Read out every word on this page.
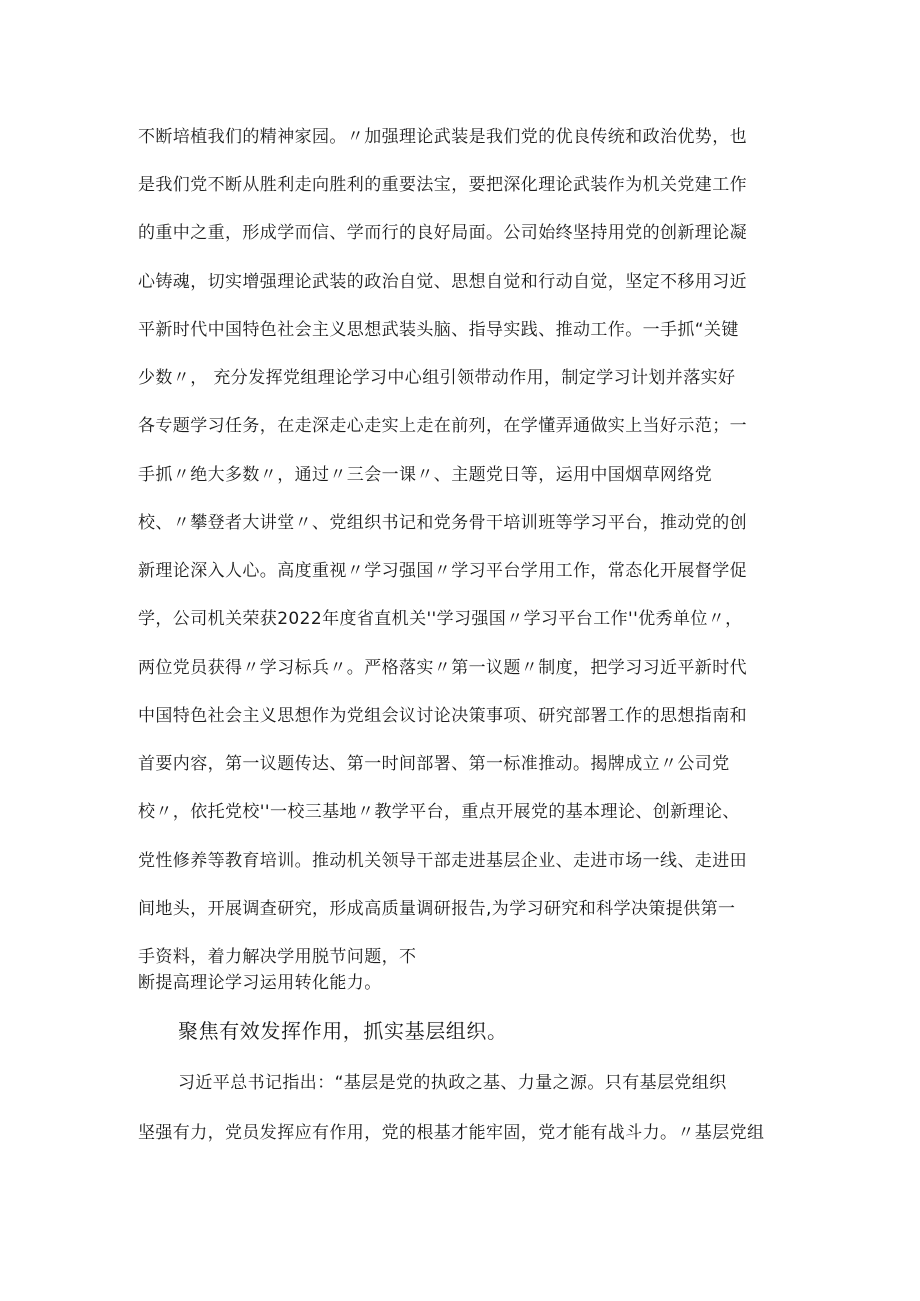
不断培植我们的精神家园。〃加强理论武装是我们党的优良传统和政治优势，也
是我们党不断从胜利走向胜利的重要法宝，要把深化理论武装作为机关党建工作
的重中之重，形成学而信、学而行的良好局面。公司始终坚持用党的创新理论凝
心铸魂，切实增强理论武装的政治自觉、思想自觉和行动自觉，坚定不移用习近
平新时代中国特色社会主义思想武装头脑、指导实践、推动工作。一手抓“关键
少数〃， 充分发挥党组理论学习中心组引领带动作用，制定学习计划并落实好
各专题学习任务，在走深走心走实上走在前列，在学懂弄通做实上当好示范；一
手抓〃绝大多数〃，通过〃三会一课〃、主题党日等，运用中国烟草网络党
校、〃攀登者大讲堂〃、党组织书记和党务骨干培训班等学习平台，推动党的创
新理论深入人心。高度重视〃学习强国〃学习平台学用工作，常态化开展督学促
学，公司机关荣获2022年度省直机关''学习强国〃学习平台工作''优秀单位〃，
两位党员获得〃学习标兵〃。严格落实〃第一议题〃制度，把学习习近平新时代
中国特色社会主义思想作为党组会议讨论决策事项、研究部署工作的思想指南和
首要内容，第一议题传达、第一时间部署、第一标准推动。揭牌成立〃公司党
校〃，依托党校''一校三基地〃教学平台，重点开展党的基本理论、创新理论、
党性修养等教育培训。推动机关领导干部走进基层企业、走进市场一线、走进田
间地头，开展调查研究，形成高质量调研报告,为学习研究和科学决策提供第一
手资料，着力解决学用脱节问题，不
断提高理论学习运用转化能力。
聚焦有效发挥作用，抓实基层组织。
习近平总书记指出：“基层是党的执政之基、力量之源。只有基层党组织
坚强有力，党员发挥应有作用，党的根基才能牢固，党才能有战斗力。〃基层党组
